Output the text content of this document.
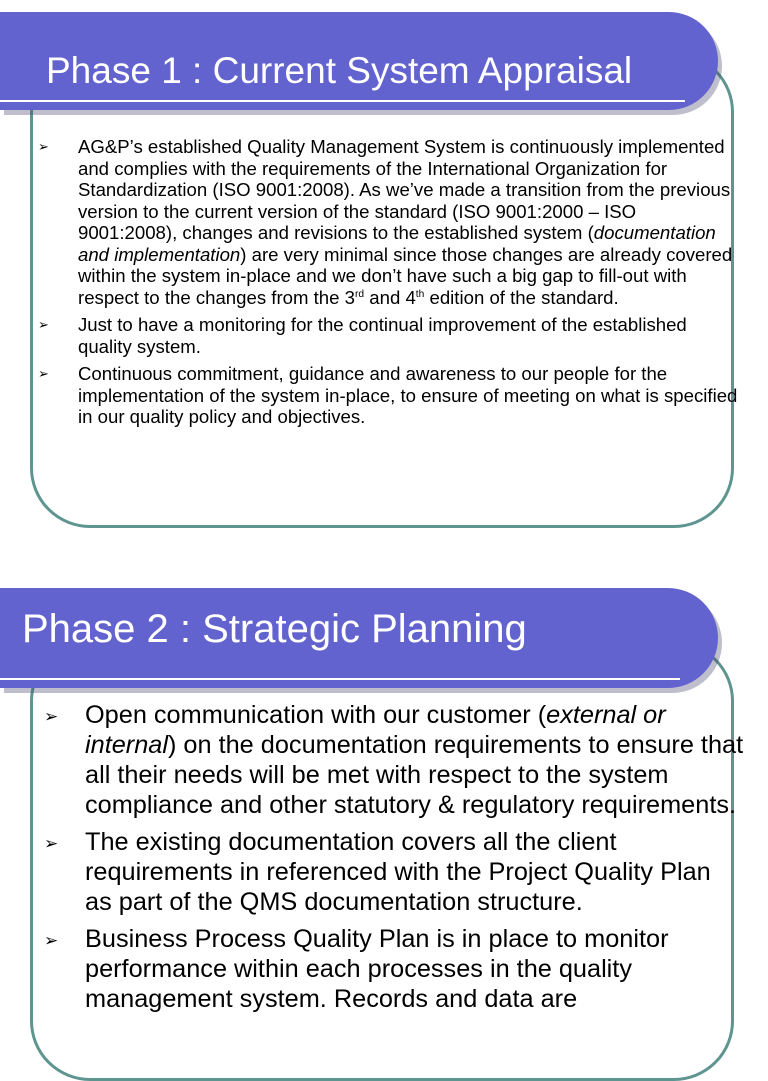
Phase 1 : Current System Appraisal
➢ AG&P’s established Quality Management System is continuously implemented and complies with the requirements of the International Organization for Standardization (ISO 9001:2008). As we’ve made a transition from the previous version to the current version of the standard (ISO 9001:2000 – ISO 9001:2008), changes and revisions to the established system (documentation and implementation) are very minimal since those changes are already covered within the system in-place and we don’t have such a big gap to fill-out with respect to the changes from the 3rd and 4th edition of the standard.
➢ Just to have a monitoring for the continual improvement of the established quality system.
➢ Continuous commitment, guidance and awareness to our people for the implementation of the system in-place, to ensure of meeting on what is specified in our quality policy and objectives.
Phase 2 : Strategic Planning
➢ Open communication with our customer (external or internal) on the documentation requirements to ensure that all their needs will be met with respect to the system compliance and other statutory & regulatory requirements.
➢ The existing documentation covers all the client requirements in referenced with the Project Quality Plan as part of the QMS documentation structure.
➢ Business Process Quality Plan is in place to monitor performance within each processes in the quality management system. Records and data are
